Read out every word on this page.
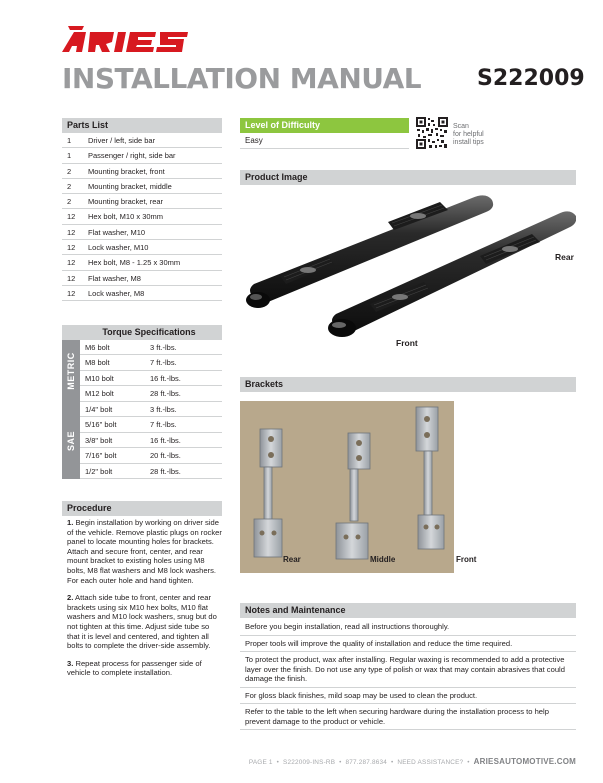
INSTALLATION MANUAL	S222009
Parts List
1	Driver / left, side bar
1	Passenger / right, side bar
2	Mounting bracket, front
2	Mounting bracket, middle
2	Mounting bracket, rear
12	Hex bolt, M10 x 30mm
12	Flat washer, M10
12	Lock washer, M10
12	Hex bolt, M8 - 1.25 x 30mm
12	Flat washer, M8
12	Lock washer, M8
Torque Specifications
METRIC
M6 bolt	3 ft.-lbs.
M8 bolt	7 ft.-lbs.
M10 bolt	16 ft.-lbs.
M12 bolt	28 ft.-lbs.
SAE
1/4" bolt	3 ft.-lbs.
5/16" bolt	7 ft.-lbs.
3/8" bolt	16 ft.-lbs.
7/16" bolt	20 ft.-lbs.
1/2" bolt	28 ft.-lbs.
Procedure

1. Begin installation by working on driver side of the vehicle. Remove plastic plugs on rocker panel to locate mounting holes for brackets. Attach and secure front, center, and rear mount bracket to existing holes using M8 bolts, M8 flat washers and M8 lock washers. For each outer hole and hand tighten.

2. Attach side tube to front, center and rear brackets using six M10 hex bolts, M10 flat washers and M10 lock washers, snug but do not tighten at this time. Adjust side tube so that it is level and centered, and tighten all bolts to complete the driver-side assembly.

3. Repeat process for passenger side of vehicle to complete installation.

Level of Difficulty
Easy
Scan
for helpful
install tips
Product Image
Rear
Front
Brackets
Rear	Middle	Front
Notes and Maintenance
Before you begin installation, read all instructions thoroughly.
Proper tools will improve the quality of installation and reduce the time required.
To protect the product, wax after installing. Regular waxing is recommended to add a protective layer over the finish. Do not use any type of polish or wax that may contain abrasives that could damage the finish.
For gloss black finishes, mild soap may be used to clean the product.
Refer to the table to the left when securing hardware during the installation process to help prevent damage to the product or vehicle.
PAGE 1  •  S222009-INS-RB  •  877.287.8634  •  NEED ASSISTANCE?  •  ARIESAUTOMOTIVE.COM
